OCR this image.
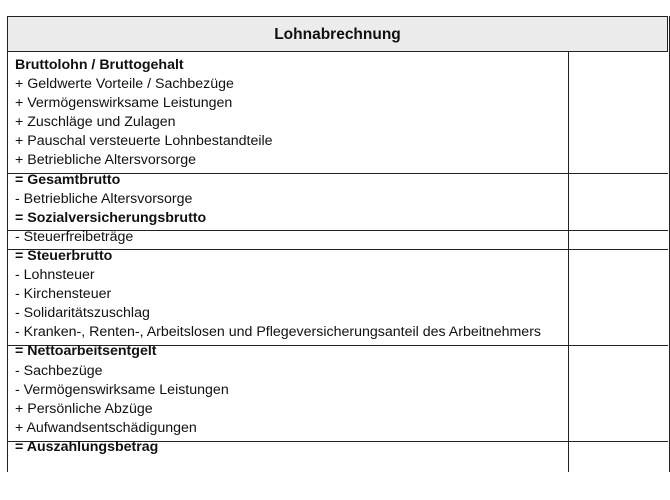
Lohnabrechnung
Bruttolohn / Bruttogehalt
+ Geldwerte Vorteile / Sachbezüge
+ Vermögenswirksame Leistungen
+ Zuschläge und Zulagen
+ Pauschal versteuerte Lohnbestandteile
+ Betriebliche Altersvorsorge
= Gesamtbrutto
- Betriebliche Altersvorsorge
= Sozialversicherungsbrutto
- Steuerfreibeträge
= Steuerbrutto
- Lohnsteuer
- Kirchensteuer
- Solidaritätszuschlag
- Kranken-, Renten-, Arbeitslosen und Pflegeversicherungsanteil des Arbeitnehmers
= Nettoarbeitsentgelt
- Sachbezüge
- Vermögenswirksame Leistungen
+ Persönliche Abzüge
+ Aufwandsentschädigungen
= Auszahlungsbetrag
